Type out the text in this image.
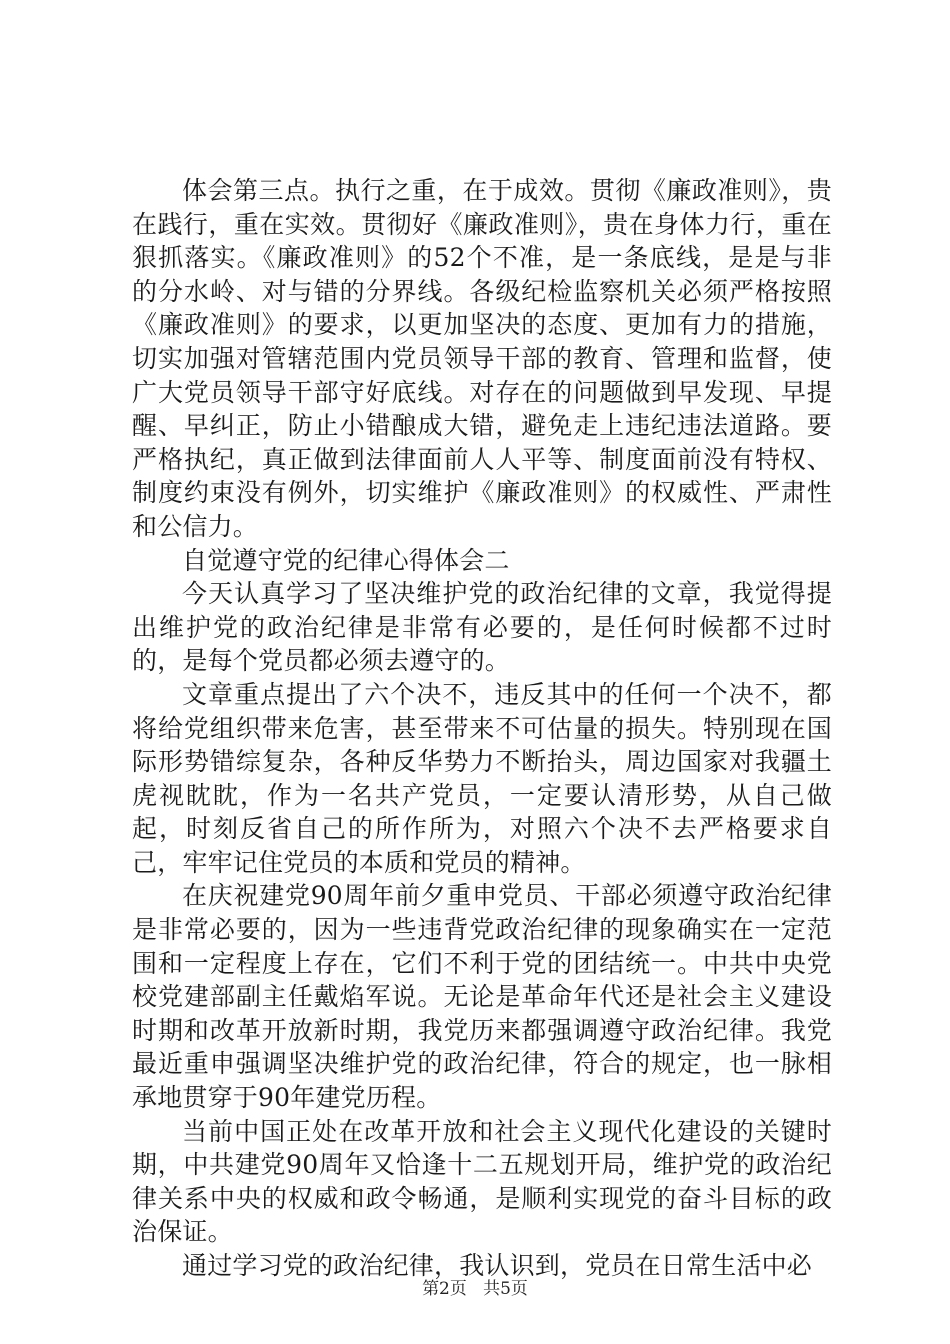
体会第三点。执行之重，在于成效。贯彻《廉政准则》，贵在践行，重在实效。贯彻好《廉政准则》，贵在身体力行，重在狠抓落实。《廉政准则》的52个不准，是一条底线，是是与非的分水岭、对与错的分界线。各级纪检监察机关必须严格按照《廉政准则》的要求，以更加坚决的态度、更加有力的措施，切实加强对管辖范围内党员领导干部的教育、管理和监督，使广大党员领导干部守好底线。对存在的问题做到早发现、早提醒、早纠正，防止小错酿成大错，避免走上违纪违法道路。要严格执纪，真正做到法律面前人人平等、制度面前没有特权、制度约束没有例外，切实维护《廉政准则》的权威性、严肃性和公信力。

自觉遵守党的纪律心得体会二

今天认真学习了坚决维护党的政治纪律的文章，我觉得提出维护党的政治纪律是非常有必要的，是任何时候都不过时的，是每个党员都必须去遵守的。

文章重点提出了六个决不，违反其中的任何一个决不，都将给党组织带来危害，甚至带来不可估量的损失。特别现在国际形势错综复杂，各种反华势力不断抬头，周边国家对我疆土虎视眈眈，作为一名共产党员，一定要认清形势，从自己做起，时刻反省自己的所作所为，对照六个决不去严格要求自己，牢牢记住党员的本质和党员的精神。

在庆祝建党90周年前夕重申党员、干部必须遵守政治纪律是非常必要的，因为一些违背党政治纪律的现象确实在一定范围和一定程度上存在，它们不利于党的团结统一。中共中央党校党建部副主任戴焰军说。无论是革命年代还是社会主义建设时期和改革开放新时期，我党历来都强调遵守政治纪律。我党最近重申强调坚决维护党的政治纪律，符合的规定，也一脉相承地贯穿于90年建党历程。

当前中国正处在改革开放和社会主义现代化建设的关键时期，中共建党90周年又恰逢十二五规划开局，维护党的政治纪律关系中央的权威和政令畅通，是顺利实现党的奋斗目标的政治保证。

通过学习党的政治纪律，我认识到，党员在日常生活中必

第2页 共5页
